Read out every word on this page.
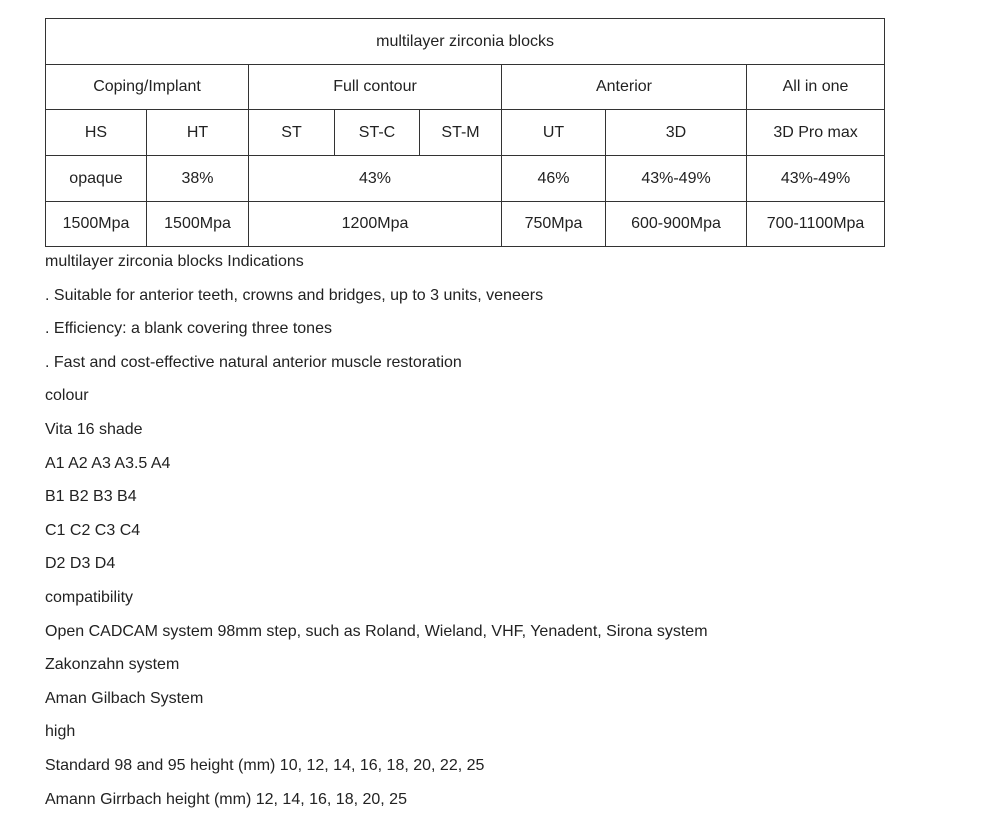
multilayer zirconia blocks							
Coping/Implant		Full contour			Anterior		All in one
HS	HT	ST	ST-C	ST-M	UT	3D	3D Pro max
opaque	38%	43%			46%	43%-49%	43%-49%
1500Mpa	1500Mpa	1200Mpa			750Mpa	600-900Mpa	700-1100Mpa
multilayer zirconia blocks Indications
. Suitable for anterior teeth, crowns and bridges, up to 3 units, veneers
. Efficiency: a blank covering three tones
. Fast and cost-effective natural anterior muscle restoration
colour
Vita 16 shade
A1 A2 A3 A3.5 A4
B1 B2 B3 B4
C1 C2 C3 C4
D2 D3 D4
compatibility
Open CADCAM system 98mm step, such as Roland, Wieland, VHF, Yenadent, Sirona system
Zakonzahn system
Aman Gilbach System
high
Standard 98 and 95 height (mm) 10, 12, 14, 16, 18, 20, 22, 25
Amann Girrbach height (mm) 12, 14, 16, 18, 20, 25
